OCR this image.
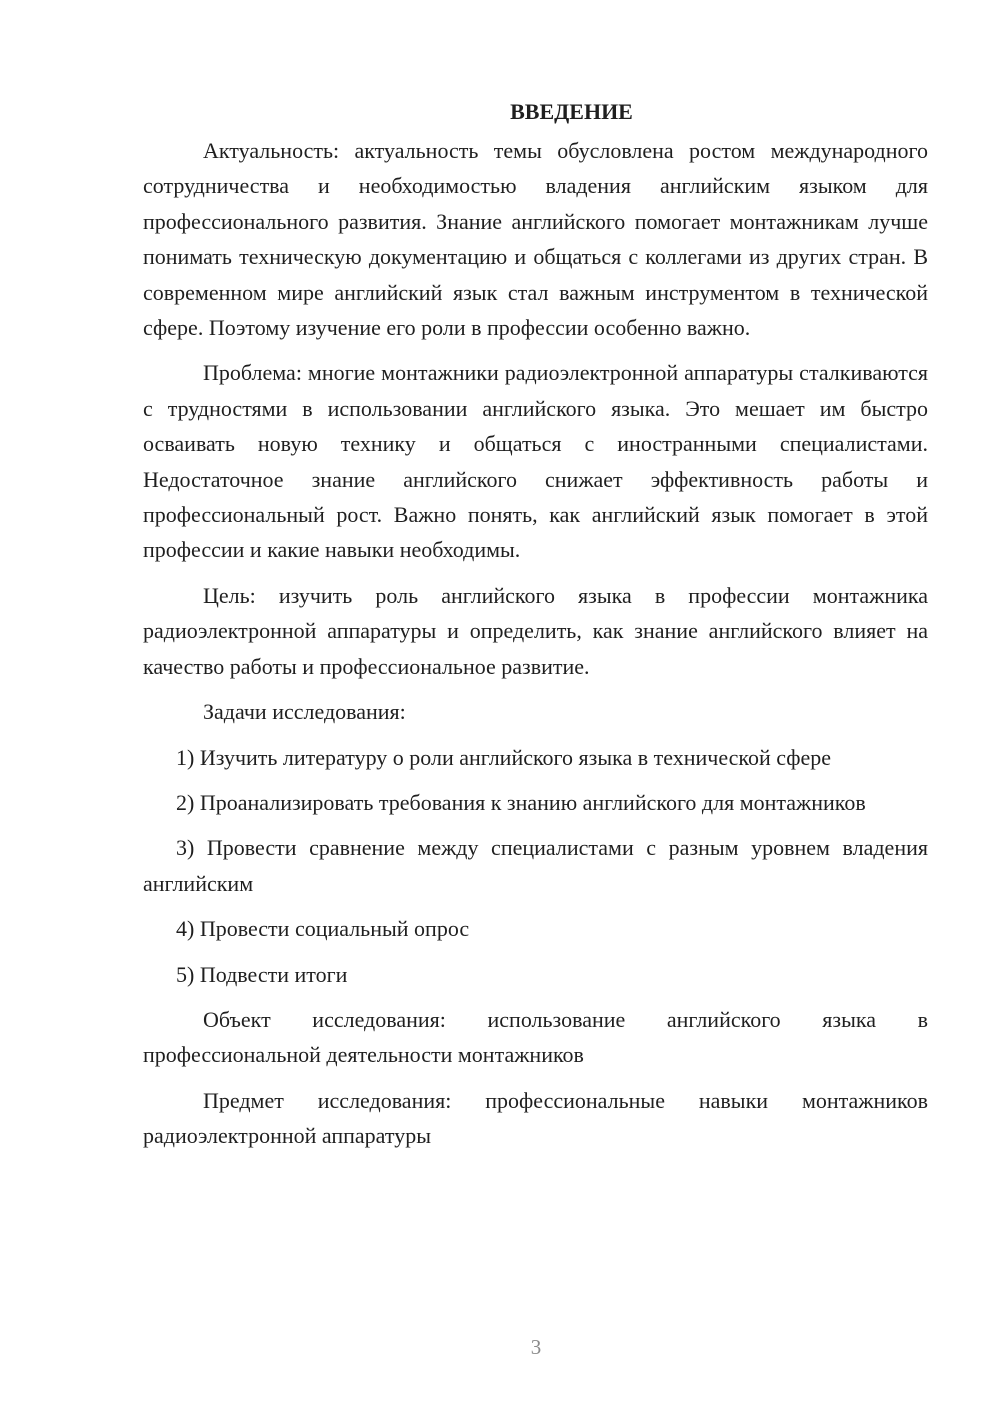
ВВЕДЕНИЕ

Актуальность: актуальность темы обусловлена ростом международного сотрудничества и необходимостью владения английским языком для профессионального развития. Знание английского помогает монтажникам лучше понимать техническую документацию и общаться с коллегами из других стран. В современном мире английский язык стал важным инструментом в технической сфере. Поэтому изучение его роли в профессии особенно важно.

Проблема: многие монтажники радиоэлектронной аппаратуры сталкиваются с трудностями в использовании английского языка. Это мешает им быстро осваивать новую технику и общаться с иностранными специалистами. Недостаточное знание английского снижает эффективность работы и профессиональный рост. Важно понять, как английский язык помогает в этой профессии и какие навыки необходимы.

Цель: изучить роль английского языка в профессии монтажника радиоэлектронной аппаратуры и определить, как знание английского влияет на качество работы и профессиональное развитие.

Задачи исследования:

1) Изучить литературу о роли английского языка в технической сфере

2) Проанализировать требования к знанию английского для монтажников

3) Провести сравнение между специалистами с разным уровнем владения английским

4) Провести социальный опрос

5) Подвести итоги

Объект исследования: использование английского языка в профессиональной деятельности монтажников

Предмет исследования: профессиональные навыки монтажников радиоэлектронной аппаратуры

3
